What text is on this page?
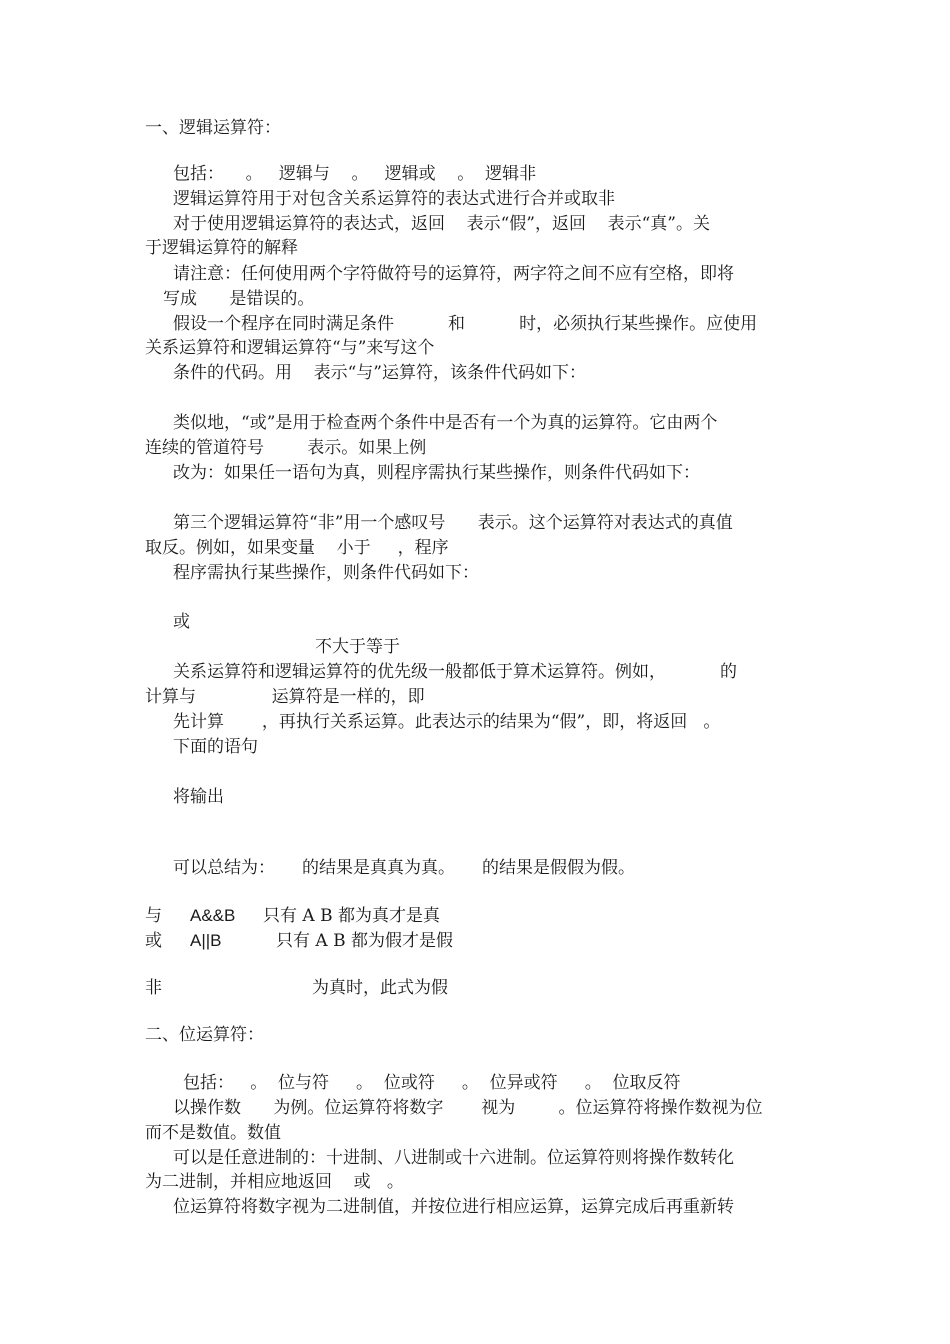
一、逻辑运算符：
包括：    。   逻辑与    。   逻辑或    。  逻辑非
逻辑运算符用于对包含关系运算符的表达式进行合并或取非
对于使用逻辑运算符的表达式，返回    表示“假”，返回    表示“真”。关
于逻辑运算符的解释
请注意：任何使用两个字符做符号的运算符，两字符之间不应有空格，即将
写成      是错误的。
假设一个程序在同时满足条件          和          时，必须执行某些操作。应使用
关系运算符和逻辑运算符“与”来写这个
条件的代码。用    表示“与”运算符，该条件代码如下：
类似地，“或”是用于检查两个条件中是否有一个为真的运算符。它由两个
连续的管道符号        表示。如果上例
改为：如果任一语句为真，则程序需执行某些操作，则条件代码如下：
第三个逻辑运算符“非”用一个感叹号      表示。这个运算符对表达式的真值
取反。例如，如果变量    小于     ，程序
程序需执行某些操作，则条件代码如下：
或
不大于等于
关系运算符和逻辑运算符的优先级一般都低于算术运算符。例如，          的
计算与              运算符是一样的，即
先计算       ，再执行关系运算。此表达示的结果为“假”，即，将返回   。
下面的语句
将输出
可以总结为：     的结果是真真为真。     的结果是假假为假。
与 A&&B 只有 A B 都为真才是真
或 A||B	只有 A B 都为假才是假
非	为真时，此式为假
二、位运算符：
包括：   。  位与符     。  位或符     。  位异或符     。  位取反符
以操作数      为例。位运算符将数字       视为        。位运算符将操作数视为位
而不是数值。数值
可以是任意进制的：十进制、八进制或十六进制。位运算符则将操作数转化
为二进制，并相应地返回    或   。
位运算符将数字视为二进制值，并按位进行相应运算，运算完成后再重新转
